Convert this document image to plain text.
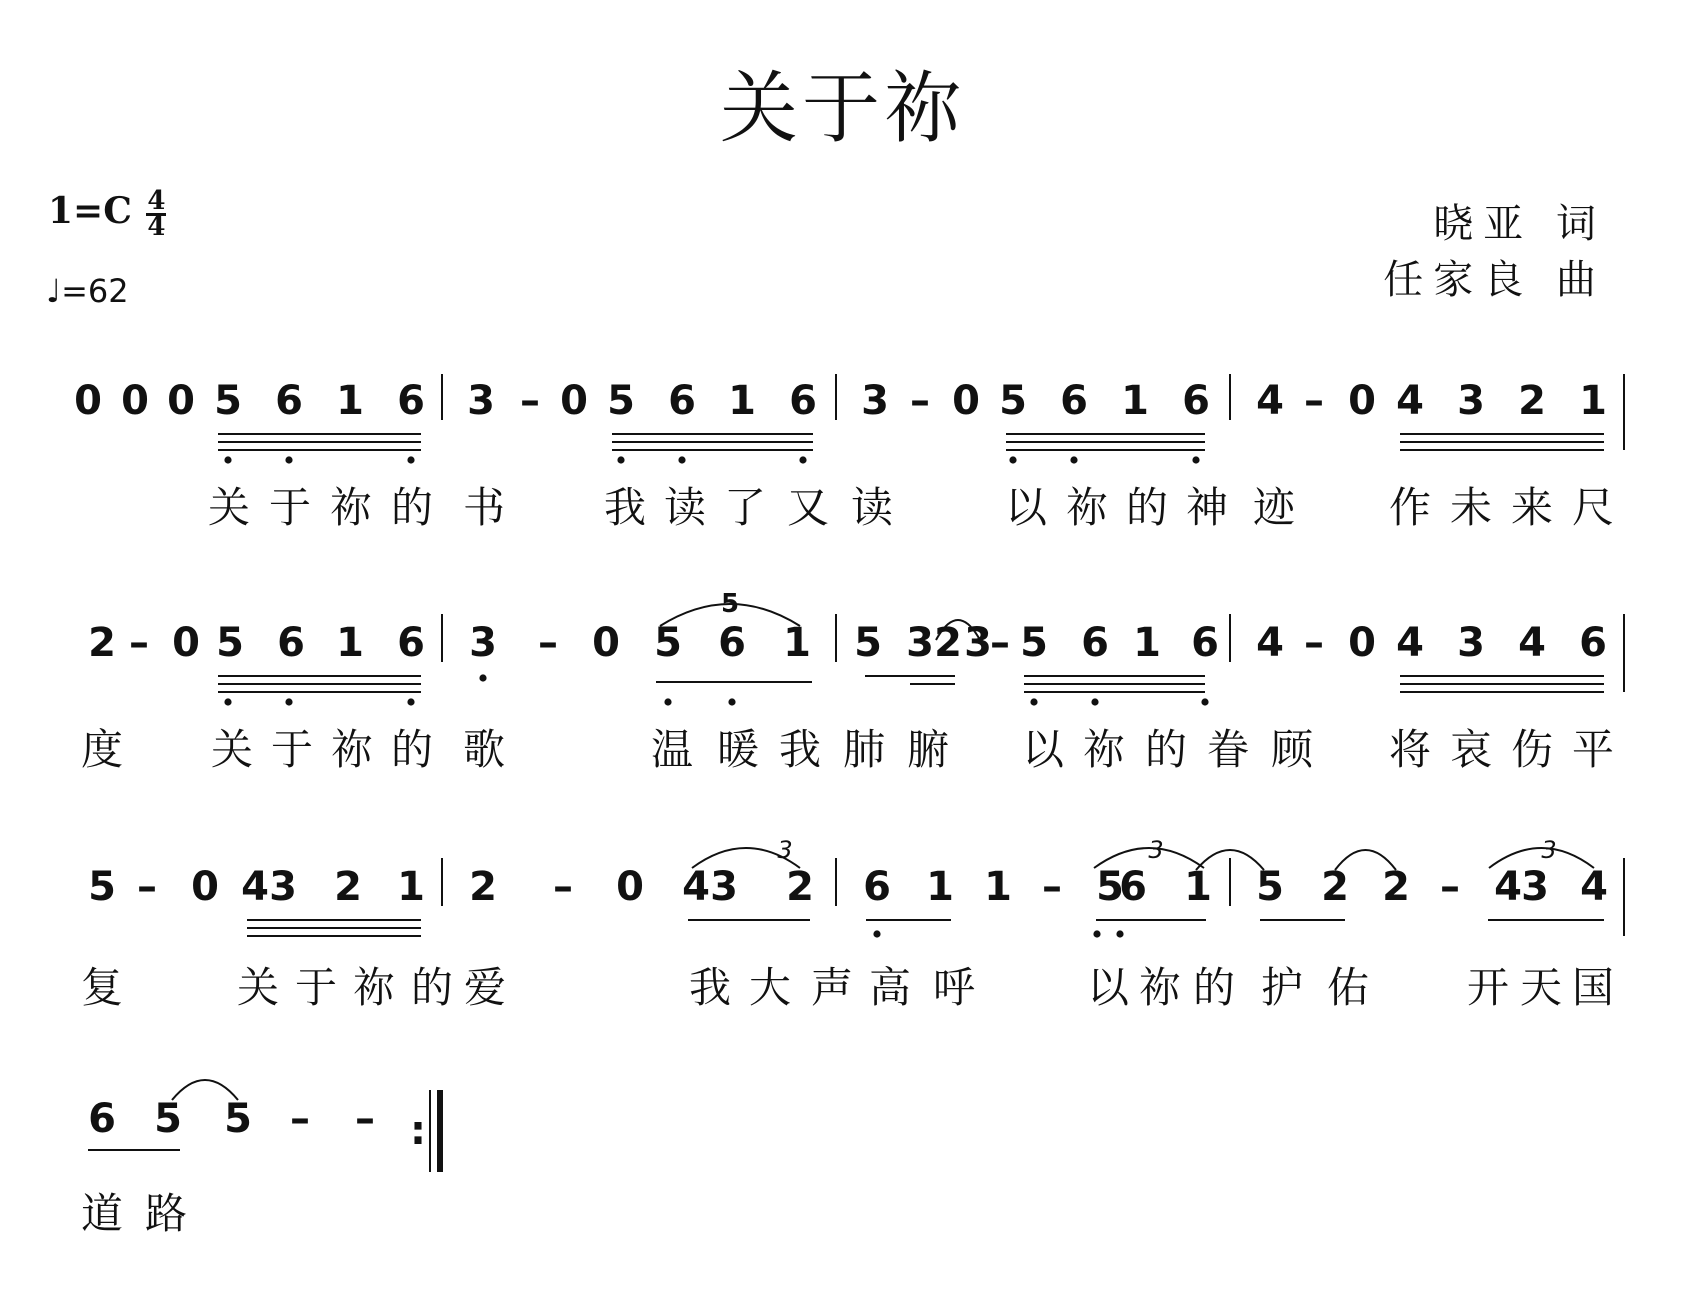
关于祢
$1=C \frac{4}{4}$
♩=62
晓亚 词
任家良 曲
0 0 0 5 6 1 6 3 – 0 5 6 1 6 3 – 0 5 6 1 6 4 – 0 4 3 2 1
关 于 祢 的 书 我 读 了 又 读	以 祢 的 神 迹 作 未 来 尺
2 – 0 5 6 1 6 3 – 0 5 6 1 5 3 2 3
– 5 6 1 6 4 – 0 4 3 4 6
度 关 于 祢 的 歌	温 暖 我 肺 腑 以 祢 的 眷 顾 将 哀 伤 平
5
5 – 0 4 3 2 1 2 – 0 4 3 2 6 1 1 – 5
6 1 5 2 2 – 4 3 4
复	关 于 祢 的 爱	我 大 声 高 呼	以 祢 的 护 佑 开 天 国
3	3	3
6 5 5 – –
道 路
:
